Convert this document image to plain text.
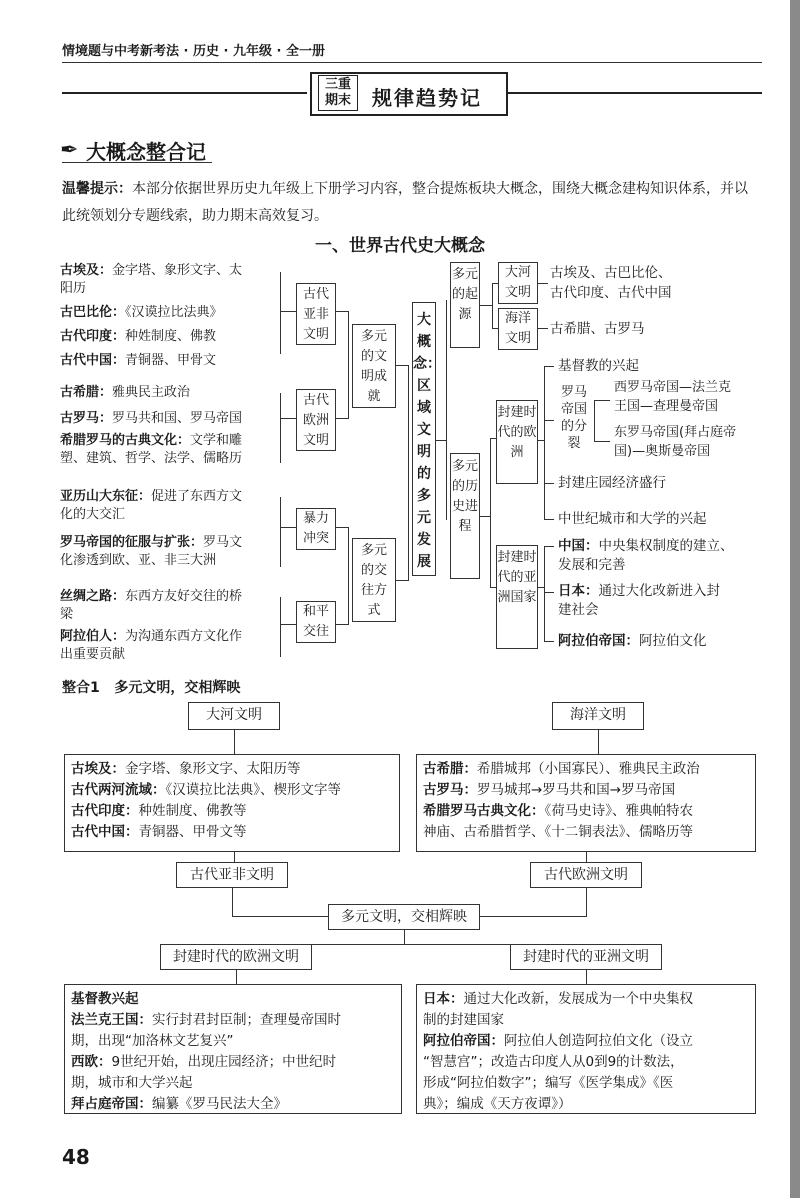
情境题与中考新考法 · 历史 · 九年级 · 全一册
三重
期末	规律趋势记
✒ 大概念整合记
温馨提示：本部分依据世界历史九年级上下册学习内容，整合提炼板块大概念，围绕大概念建构知识体系，并以此统领划分专题线索，助力期末高效复习。
一、世界古代史大概念
古埃及：金字塔、象形文字、太
阳历
古巴比伦：《汉谟拉比法典》
古代印度：种姓制度、佛教
古代中国：青铜器、甲骨文
古希腊：雅典民主政治
古罗马：罗马共和国、罗马帝国
希腊罗马的古典文化：文学和雕
塑、建筑、哲学、法学、儒略历
亚历山大东征：促进了东西方文
化的大交汇
罗马帝国的征服与扩张：罗马文
化渗透到欧、亚、非三大洲
丝绸之路：东西方友好交往的桥
梁
阿拉伯人：为沟通东西方文化作
出重要贡献
古代亚非文明
古代欧洲文明
暴力冲突
和平交往
多元的文明成就
多元的交往方式
大概念：区域文明的多元发展
多元的起源
多元的历史进程
大河文明
海洋文明
古埃及、古巴比伦、
古代印度、古代中国
古希腊、古罗马
封建时代的欧洲
封建时代的亚洲国家
基督教的兴起
罗马帝国的分裂
西罗马帝国—法兰克
王国—查理曼帝国
东罗马帝国(拜占庭帝
国)—奥斯曼帝国
封建庄园经济盛行
中世纪城市和大学的兴起
中国：中央集权制度的建立、
发展和完善
日本：通过大化改新进入封
建社会
阿拉伯帝国：阿拉伯文化
整合1 多元文明，交相辉映
大河文明	海洋文明
古埃及：金字塔、象形文字、太阳历等
古代两河流域：《汉谟拉比法典》、楔形文字等
古代印度：种姓制度、佛教等
古代中国：青铜器、甲骨文等
古希腊：希腊城邦（小国寡民）、雅典民主政治
古罗马：罗马城邦→罗马共和国→罗马帝国
希腊罗马古典文化：《荷马史诗》、雅典帕特农
神庙、古希腊哲学、《十二铜表法》、儒略历等
古代亚非文明	古代欧洲文明
多元文明，交相辉映
封建时代的欧洲文明	封建时代的亚洲文明
基督教兴起
法兰克王国：实行封君封臣制；查理曼帝国时
期，出现“加洛林文艺复兴”
西欧：9世纪开始，出现庄园经济；中世纪时
期，城市和大学兴起
拜占庭帝国：编纂《罗马民法大全》
日本：通过大化改新，发展成为一个中央集权
制的封建国家
阿拉伯帝国：阿拉伯人创造阿拉伯文化（设立
“智慧宫”；改造古印度人从0到9的计数法，
形成“阿拉伯数字”；编写《医学集成》《医
典》；编成《天方夜谭》）
48
